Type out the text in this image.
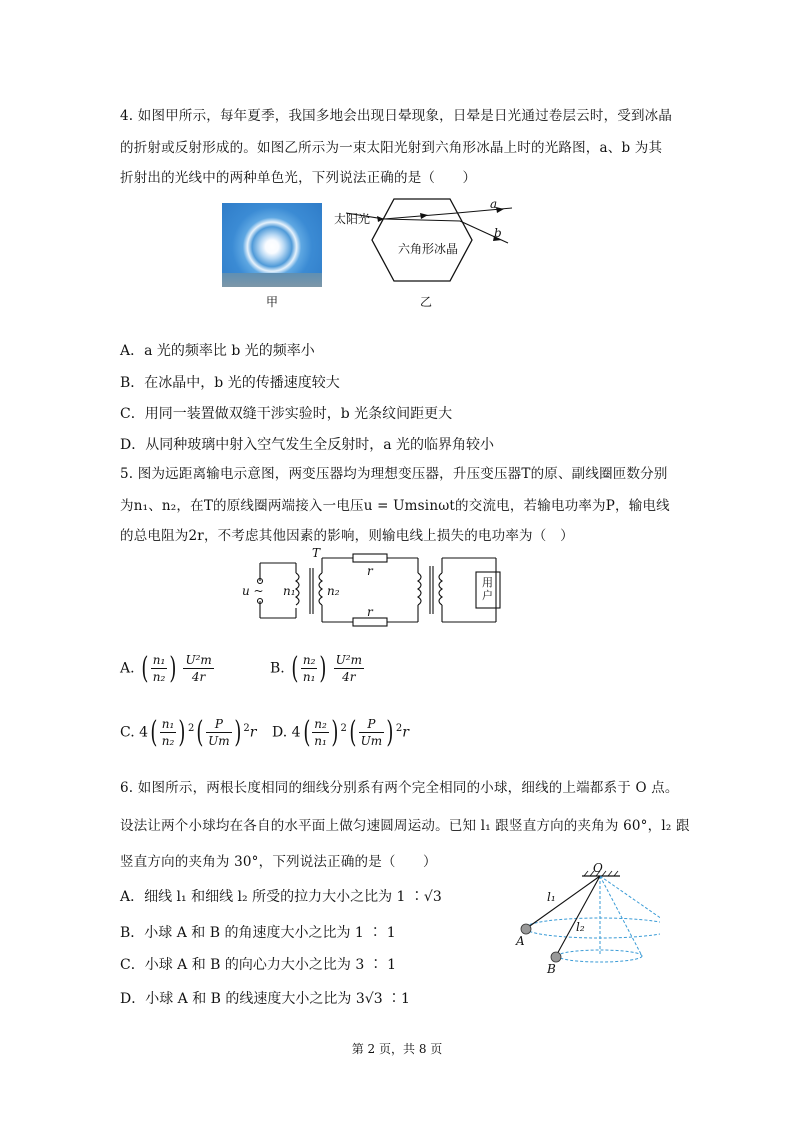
4. 如图甲所示，每年夏季，我国多地会出现日晕现象，日晕是日光通过卷层云时，受到冰晶
的折射或反射形成的。如图乙所示为一束太阳光射到六角形冰晶上时的光路图，a、b 为其
折射出的光线中的两种单色光，下列说法正确的是（　　）
甲
太阳光
六角形冰晶
a
b
乙
A．a 光的频率比 b 光的频率小
B．在冰晶中，b 光的传播速度较大
C．用同一装置做双缝干涉实验时，b 光条纹间距更大
D．从同种玻璃中射入空气发生全反射时，a 光的临界角较小
5. 图为远距离输电示意图，两变压器均为理想变压器，升压变压器T的原、副线圈匝数分别
为n₁、n₂，在T的原线圈两端接入一电压u = Umsinωt的交流电，若输电功率为P，输电线
的总电阻为2r，不考虑其他因素的影响，则输电线上损失的电功率为（　）
T
u ~ n₁	n₂
r
r
用户
A. ( $\frac{\text{n₁}}{\text{n₂}}$ ) $\frac{\text{U²m}}{4r}$	B. ( $\frac{\text{n₂}}{\text{n₁}}$ ) $\frac{\text{U²m}}{4r}$
C. $4( \frac{\text{n₁}}{\text{n₂}}$ ) $^2( \frac{P}{Um}$ ) $^2$r D. $4( \frac{\text{n₂}}{\text{n₁}}$ ) $^2( \frac{P}{Um}$ ) $^2$r
6. 如图所示，两根长度相同的细线分别系有两个完全相同的小球，细线的上端都系于 O 点。
设法让两个小球均在各自的水平面上做匀速圆周运动。已知 l₁ 跟竖直方向的夹角为 60°，l₂ 跟
竖直方向的夹角为 30°，下列说法正确的是（　　）
A．细线 l₁ 和细线 l₂ 所受的拉力大小之比为 1 ∶√3
B．小球 A 和 B 的角速度大小之比为 1 ∶ 1
C．小球 A 和 B 的向心力大小之比为 3 ∶ 1
D．小球 A 和 B 的线速度大小之比为 3√3 ∶1
O
l₁
l₂
A
B
第 2 页，共 8 页
